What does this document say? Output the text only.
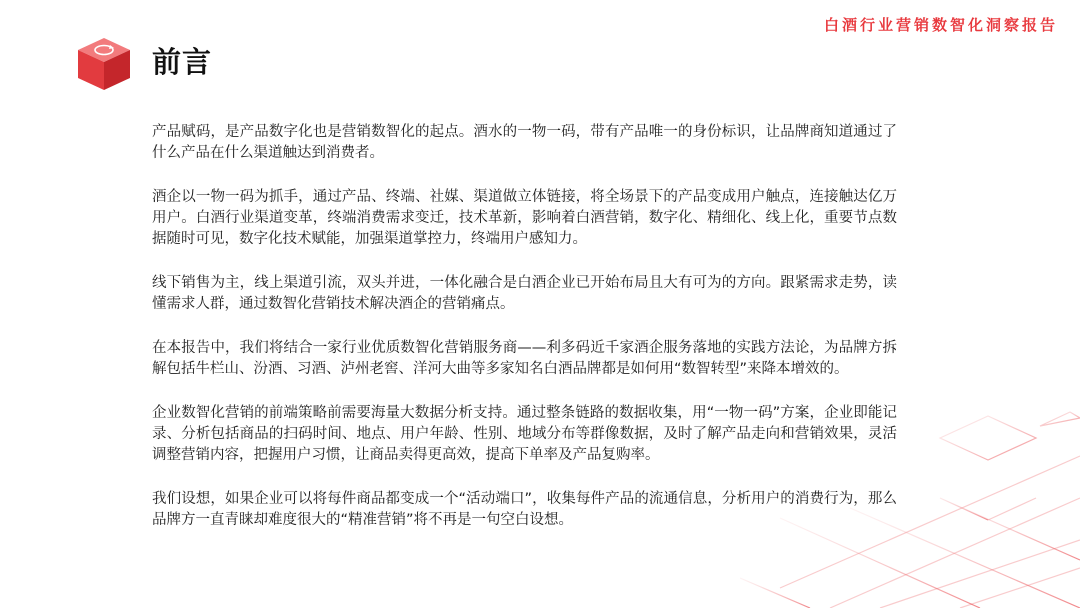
白酒行业营销数智化洞察报告
前言

产品赋码，是产品数字化也是营销数智化的起点。酒水的一物一码，带有产品唯一的身份标识，让品牌商知道通过了什么产品在什么渠道触达到消费者。

酒企以一物一码为抓手，通过产品、终端、社媒、渠道做立体链接，将全场景下的产品变成用户触点，连接触达亿万用户。白酒行业渠道变革，终端消费需求变迁，技术革新，影响着白酒营销，数字化、精细化、线上化，重要节点数据随时可见，数字化技术赋能，加强渠道掌控力，终端用户感知力。

线下销售为主，线上渠道引流，双头并进，一体化融合是白酒企业已开始布局且大有可为的方向。跟紧需求走势，读懂需求人群，通过数智化营销技术解决酒企的营销痛点。

在本报告中，我们将结合一家行业优质数智化营销服务商——利多码近千家酒企服务落地的实践方法论，为品牌方拆解包括牛栏山、汾酒、习酒、泸州老窖、洋河大曲等多家知名白酒品牌都是如何用“数智转型”来降本增效的。

企业数智化营销的前端策略前需要海量大数据分析支持。通过整条链路的数据收集，用“一物一码”方案，企业即能记录、分析包括商品的扫码时间、地点、用户年龄、性别、地域分布等群像数据，及时了解产品走向和营销效果，灵活调整营销内容，把握用户习惯，让商品卖得更高效，提高下单率及产品复购率。

我们设想，如果企业可以将每件商品都变成一个“活动端口”，收集每件产品的流通信息，分析用户的消费行为，那么品牌方一直青睐却难度很大的“精准营销”将不再是一句空白设想。
